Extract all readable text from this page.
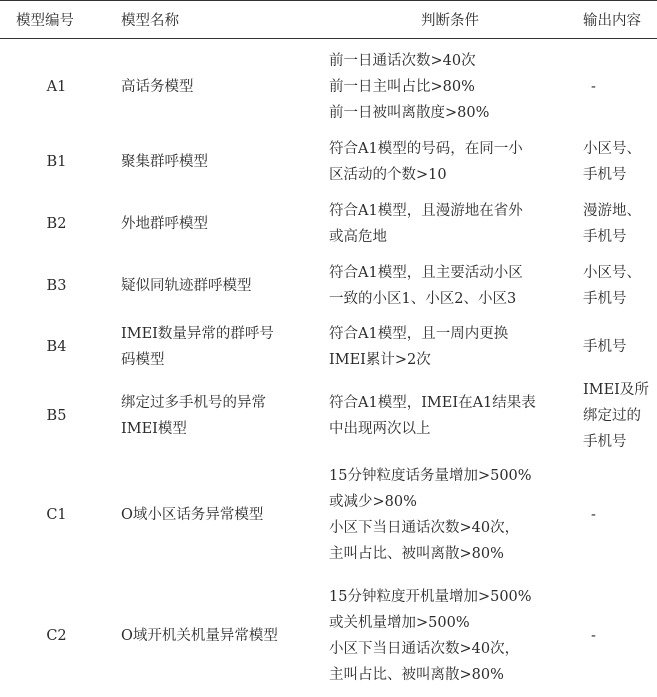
模型编号	模型名称	判断条件	输出内容
A1	高话务模型	前一日通话次数>40次
前一日主叫占比>80%
前一日被叫离散度>80%	-

B1	聚集群呼模型	符合A1模型的号码，在同一小
区活动的个数>10	小区号、
手机号

B2	外地群呼模型	符合A1模型，且漫游地在省外
或高危地	漫游地、
手机号

B3	疑似同轨迹群呼模型	符合A1模型，且主要活动小区
一致的小区1、小区2、小区3	小区号、
手机号

B4	IMEI数量异常的群呼号
码模型	符合A1模型，且一周内更换
IMEI累计>2次	手机号

B5	绑定过多手机号的异常
IMEI模型	符合A1模型，IMEI在A1结果表
中出现两次以上	IMEI及所
绑定过的
手机号

C1	O域小区话务异常模型	15分钟粒度话务量增加>500%
或减少>80%
小区下当日通话次数>40次，
主叫占比、被叫离散>80%	-

C2	O域开机关机量异常模型	15分钟粒度开机量增加>500%
或关机量增加>500%
小区下当日通话次数>40次，
主叫占比、被叫离散>80%	-
